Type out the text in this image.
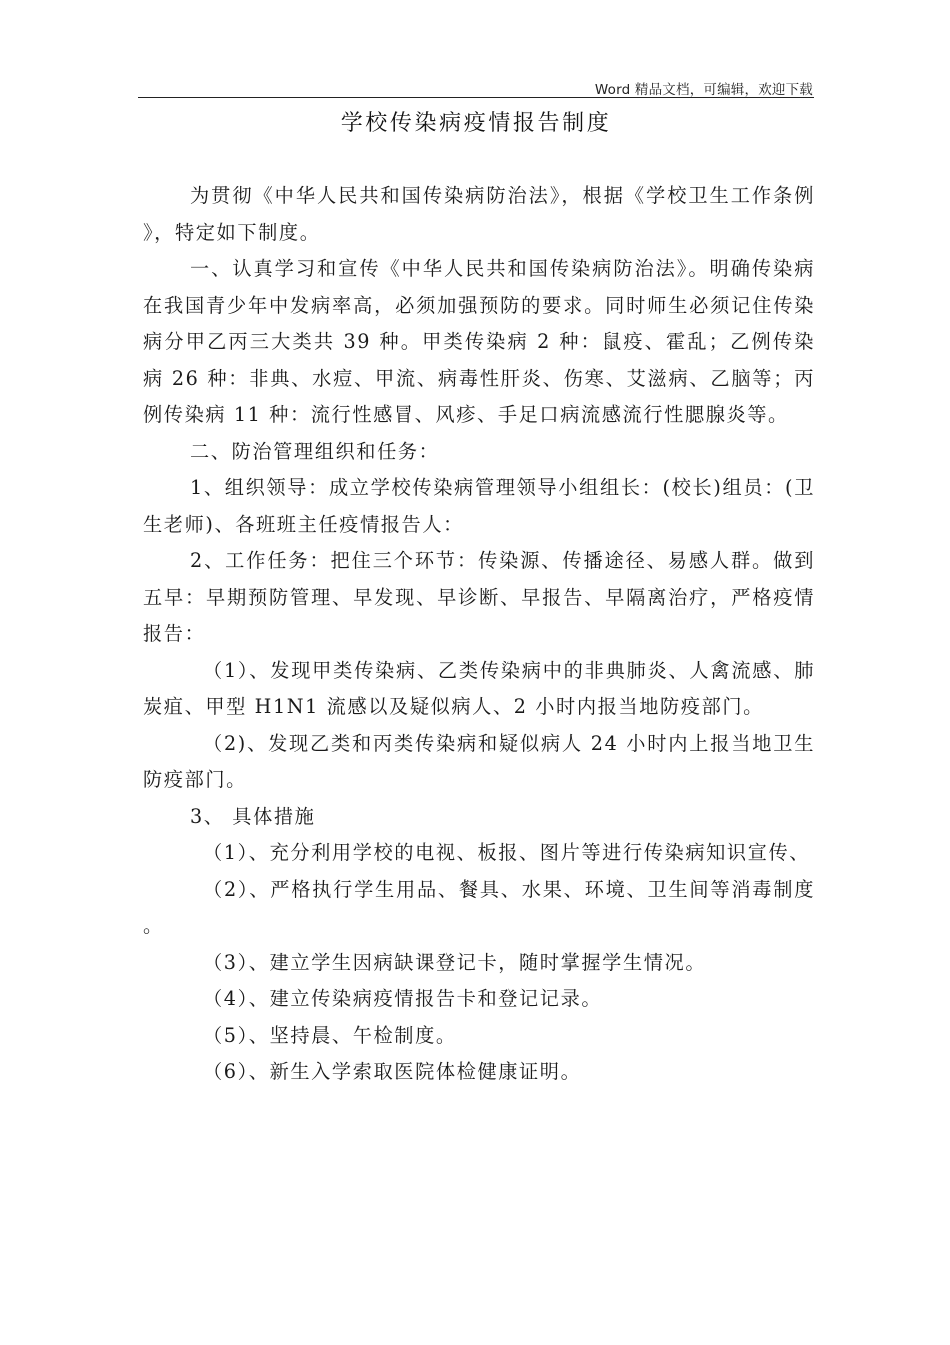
Word 精品文档，可编辑，欢迎下载
学校传染病疫情报告制度

为贯彻《中华人民共和国传染病防治法》，根据《学校卫生工作条例》，特定如下制度。

一、认真学习和宣传《中华人民共和国传染病防治法》。明确传染病在我国青少年中发病率高，必须加强预防的要求。同时师生必须记住传染病分甲乙丙三大类共 39 种。甲类传染病 2 种：鼠疫、霍乱；乙例传染病 26 种：非典、水痘、甲流、病毒性肝炎、伤寒、艾滋病、乙脑等；丙例传染病 11 种：流行性感冒、风疹、手足口病流感流行性腮腺炎等。

二、防治管理组织和任务：

1、组织领导：成立学校传染病管理领导小组组长：(校长)组员：(卫生老师)、各班班主任疫情报告人：

2、工作任务：把住三个环节：传染源、传播途径、易感人群。做到五早：早期预防管理、早发现、早诊断、早报告、早隔离治疗，严格疫情报告：

（1）、发现甲类传染病、乙类传染病中的非典肺炎、人禽流感、肺炭疽、甲型 H1N1 流感以及疑似病人、2 小时内报当地防疫部门。

（2)、发现乙类和丙类传染病和疑似病人 24 小时内上报当地卫生防疫部门。

3、 具体措施

（1）、充分利用学校的电视、板报、图片等进行传染病知识宣传、

（2）、严格执行学生用品、餐具、水果、环境、卫生间等消毒制度。

（3）、建立学生因病缺课登记卡，随时掌握学生情况。

（4）、建立传染病疫情报告卡和登记记录。

（5）、坚持晨、午检制度。

（6）、新生入学索取医院体检健康证明。
